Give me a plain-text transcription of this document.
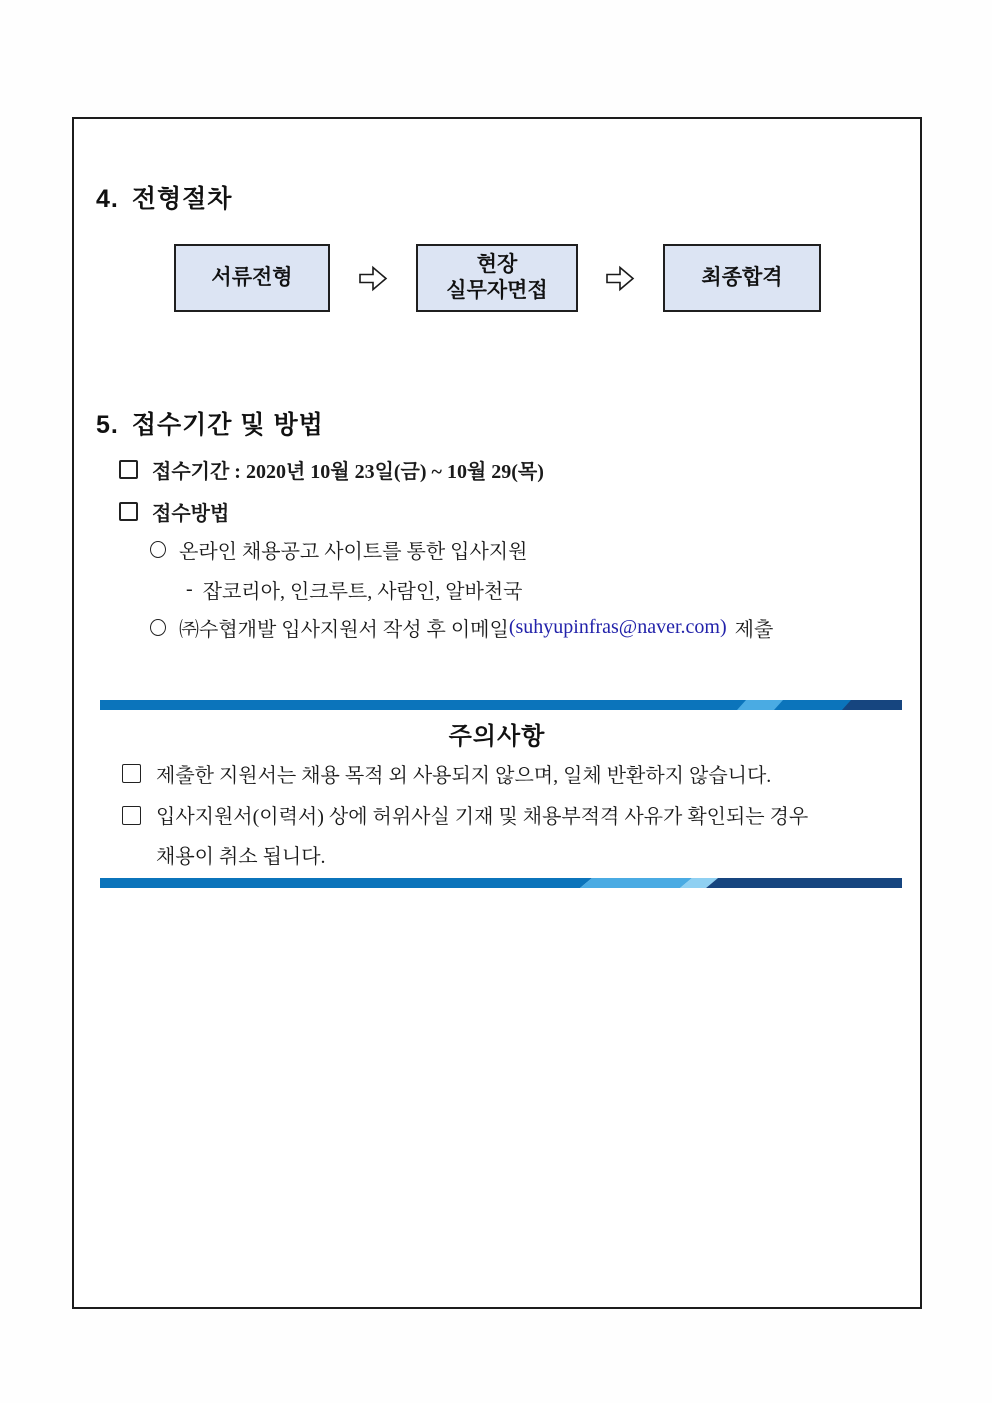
4. 전형절차
서류전형
현장
실무자면접
최종합격
5. 접수기간 및 방법
접수기간 : 2020년 10월 23일(금) ~ 10월 29(목)
접수방법
온라인 채용공고 사이트를 통한 입사지원
- 잡코리아, 인크루트, 사람인, 알바천국
㈜수협개발 입사지원서 작성 후 이메일 (suhyupinfras@naver.com) 제출
주의사항
제출한 지원서는 채용 목적 외 사용되지 않으며, 일체 반환하지 않습니다.
입사지원서(이력서) 상에 허위사실 기재 및 채용부적격 사유가 확인되는 경우
채용이 취소 됩니다.
